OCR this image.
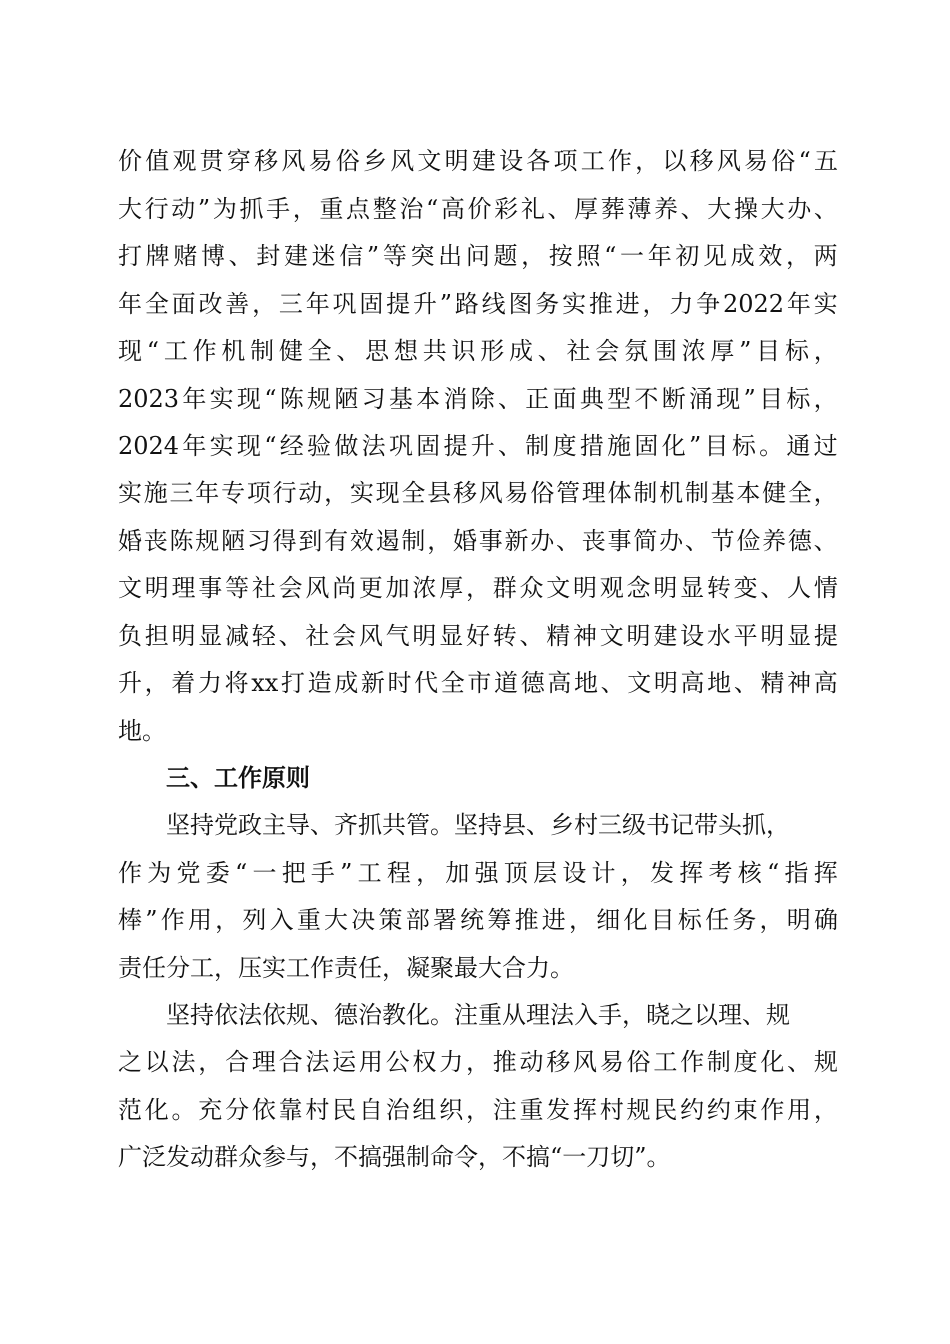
价 值 观 贯 穿 移 风 易 俗 乡 风 文 明 建 设 各 项 工 作 ， 以 移 风 易 俗 “ 五
大 行 动 ” 为 抓 手 ， 重 点 整 治 “ 高 价 彩 礼 、 厚 葬 薄 养 、 大 操 大 办 、
打 牌 赌 博 、 封 建 迷 信 ” 等 突 出 问 题 ， 按 照 “ 一 年 初 见 成 效 ， 两
年 全 面 改 善 ， 三 年 巩 固 提 升 ” 路 线 图 务 实 推 进 ， 力 争 2022 年 实
现 “ 工 作 机 制 健 全 、 思 想 共 识 形 成 、 社 会 氛 围 浓 厚 ” 目 标 ，
2023 年 实 现 “ 陈 规 陋 习 基 本 消 除 、 正 面 典 型 不 断 涌 现 ” 目 标 ，
2024 年 实 现 “ 经 验 做 法 巩 固 提 升 、 制 度 措 施 固 化 ” 目 标 。 通 过
实 施 三 年 专 项 行 动 ， 实 现 全 县 移 风 易 俗 管 理 体 制 机 制 基 本 健 全 ，
婚 丧 陈 规 陋 习 得 到 有 效 遏 制 ， 婚 事 新 办 、 丧 事 简 办 、 节 俭 养 德 、
文 明 理 事 等 社 会 风 尚 更 加 浓 厚 ， 群 众 文 明 观 念 明 显 转 变 、 人 情
负 担 明 显 减 轻 、 社 会 风 气 明 显 好 转 、 精 神 文 明 建 设 水 平 明 显 提
升 ， 着 力 将 xx 打 造 成 新 时 代 全 市 道 德 高 地 、 文 明 高 地 、 精 神 高
地。
三、工作原则
坚持党政主导、齐抓共管。坚持县、乡村三级书记带头抓，
作 为 党 委 “ 一 把 手 ” 工 程 ， 加 强 顶 层 设 计 ， 发 挥 考 核 “ 指 挥
棒 ” 作 用 ， 列 入 重 大 决 策 部 署 统 筹 推 进 ， 细 化 目 标 任 务 ， 明 确
责任分工，压实工作责任，凝聚最大合力。
坚持依法依规、德治教化。注重从理法入手，晓之以理、规
之 以 法 ， 合 理 合 法 运 用 公 权 力 ， 推 动 移 风 易 俗 工 作 制 度 化 、 规
范 化 。 充 分 依 靠 村 民 自 治 组 织 ， 注 重 发 挥 村 规 民 约 约 束 作 用 ，
广泛发动群众参与，不搞强制命令，不搞“一刀切”。
